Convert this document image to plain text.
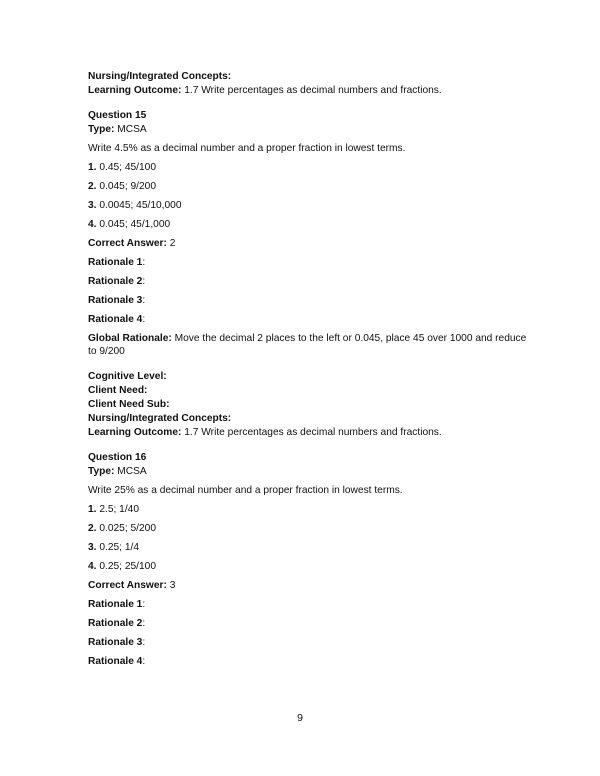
Nursing/Integrated Concepts:
Learning Outcome: 1.7 Write percentages as decimal numbers and fractions.
Question 15
Type: MCSA
Write 4.5% as a decimal number and a proper fraction in lowest terms.
1. 0.45; 45/100
2. 0.045; 9/200
3. 0.0045; 45/10,000
4. 0.045; 45/1,000
Correct Answer: 2
Rationale 1:
Rationale 2:
Rationale 3:
Rationale 4:
Global Rationale: Move the decimal 2 places to the left or 0.045, place 45 over 1000 and reduce to 9/200
Cognitive Level:
Client Need:
Client Need Sub:
Nursing/Integrated Concepts:
Learning Outcome: 1.7 Write percentages as decimal numbers and fractions.
Question 16
Type: MCSA
Write 25% as a decimal number and a proper fraction in lowest terms.
1. 2.5; 1/40
2. 0.025; 5/200
3. 0.25; 1/4
4. 0.25; 25/100
Correct Answer: 3
Rationale 1:
Rationale 2:
Rationale 3:
Rationale 4:
9
